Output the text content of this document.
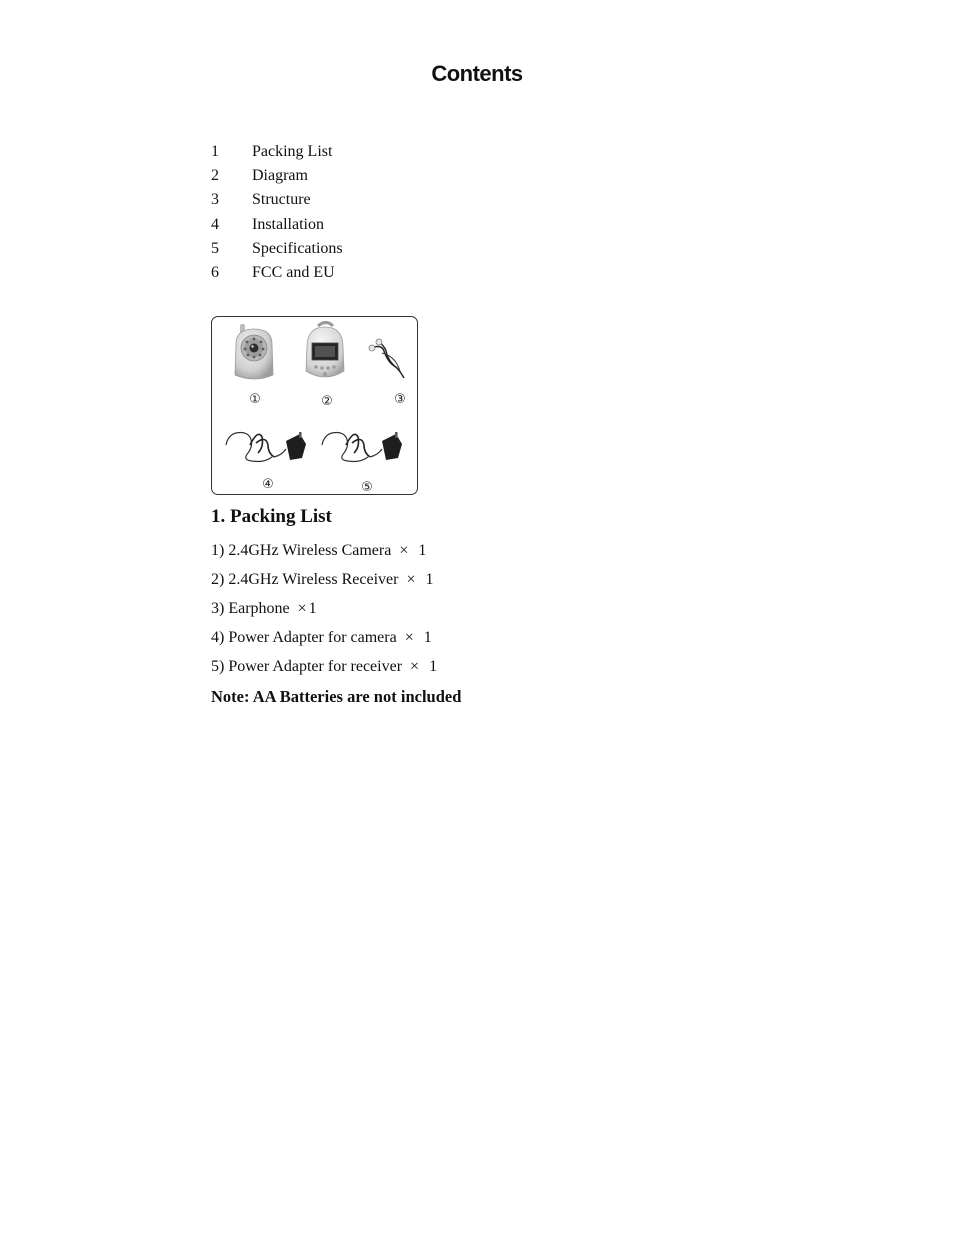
Contents
1	Packing List
2	Diagram
3	Structure
4	Installation
5	Specifications
6	FCC and EU
①	②	③
④	⑤
1. Packing List
1) 2.4GHz Wireless Camera × 1
2) 2.4GHz Wireless Receiver × 1
3) Earphone × 1
4) Power Adapter for camera × 1
5) Power Adapter for receiver × 1
Note: AA Batteries are not included
